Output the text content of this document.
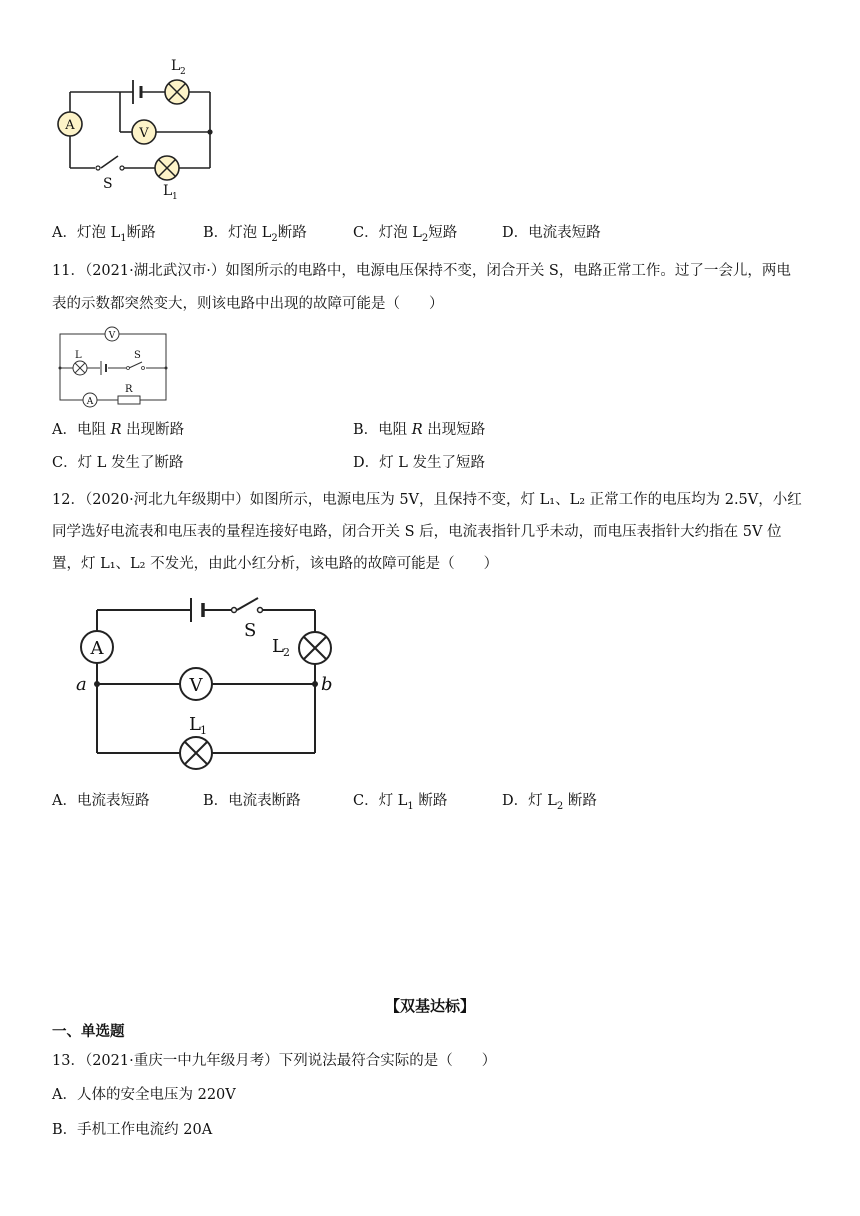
A
V
L 2
L 1
S
A．灯泡 $L_1$断路	B．灯泡 $L_2$断路	C．灯泡 $L_2$短路	D．电流表短路
11．（2021·湖北武汉市·）如图所示的电路中，电源电压保持不变，闭合开关 S，电路正常工作。过了一会儿，两电
表的示数都突然变大，则该电路中出现的故障可能是（　　）
V
L	S
A
R
A．电阻 R 出现断路	B．电阻 R 出现短路
C．灯 L 发生了断路	D．灯 L 发生了短路
12．（2020·河北九年级期中）如图所示，电源电压为 5V，且保持不变，灯 L₁、L₂ 正常工作的电压均为 2.5V，小红
同学选好电流表和电压表的量程连接好电路，闭合开关 S 后，电流表指针几乎未动，而电压表指针大约指在 5V 位
置，灯 L₁、L₂ 不发光，由此小红分析，该电路的故障可能是（　　）
A
V
L 2
L 1
S
a	b
A．电流表短路	B．电流表断路	C．灯 $L_1$ 断路	D．灯 $L_2$ 断路
【双基达标】
一、单选题
13．（2021·重庆一中九年级月考）下列说法最符合实际的是（　　）
A．人体的安全电压为 220V
B．手机工作电流约 20A
